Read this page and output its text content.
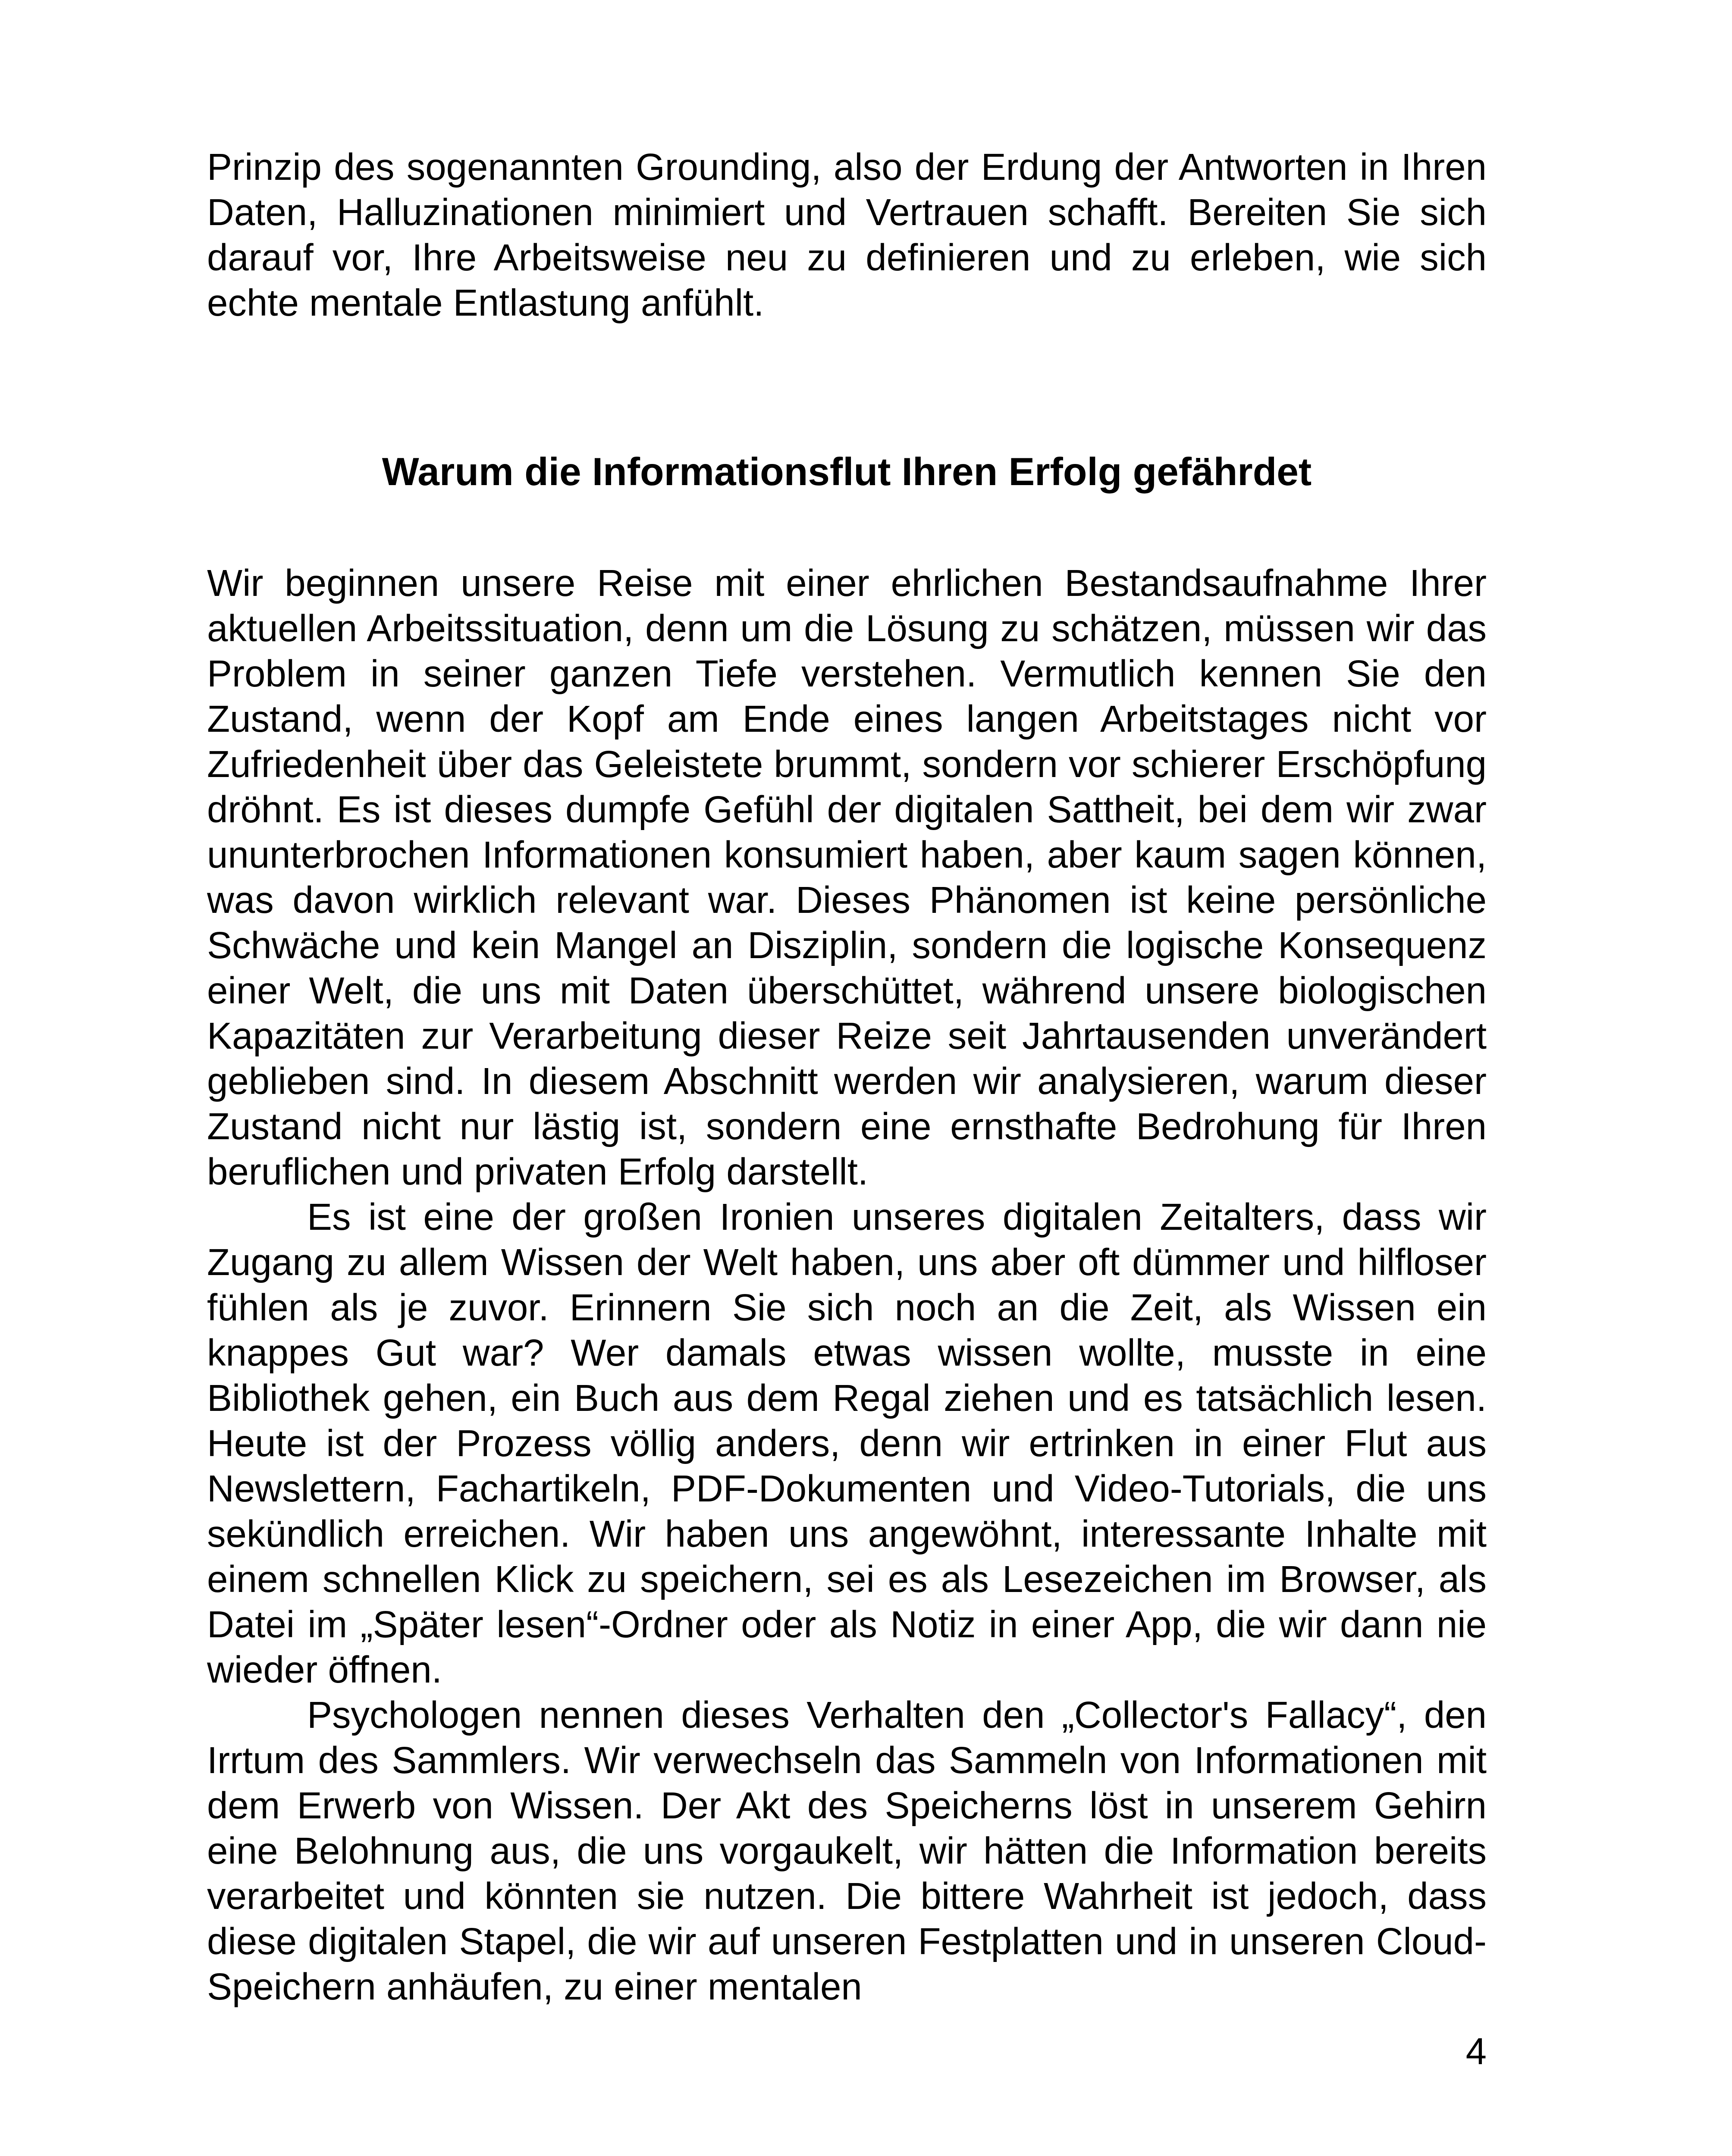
Prinzip des sogenannten Grounding, also der Erdung der Antworten in Ihren Daten, Halluzinationen minimiert und Vertrauen schafft. Bereiten Sie sich darauf vor, Ihre Arbeitsweise neu zu definieren und zu erleben, wie sich echte mentale Entlastung anfühlt.

Warum die Informationsflut Ihren Erfolg gefährdet

Wir beginnen unsere Reise mit einer ehrlichen Bestandsaufnahme Ihrer aktuellen Arbeitssituation, denn um die Lösung zu schätzen, müssen wir das Problem in seiner ganzen Tiefe verstehen. Vermutlich kennen Sie den Zustand, wenn der Kopf am Ende eines langen Arbeitstages nicht vor Zufriedenheit über das Geleistete brummt, sondern vor schierer Erschöpfung dröhnt. Es ist dieses dumpfe Gefühl der digitalen Sattheit, bei dem wir zwar ununterbrochen Informationen konsumiert haben, aber kaum sagen können, was davon wirklich relevant war. Dieses Phänomen ist keine persönliche Schwäche und kein Mangel an Disziplin, sondern die logische Konsequenz einer Welt, die uns mit Daten überschüttet, während unsere biologischen Kapazitäten zur Verarbeitung dieser Reize seit Jahrtausenden unverändert geblieben sind. In diesem Abschnitt werden wir analysieren, warum dieser Zustand nicht nur lästig ist, sondern eine ernsthafte Bedrohung für Ihren beruflichen und privaten Erfolg darstellt.

Es ist eine der großen Ironien unseres digitalen Zeitalters, dass wir Zugang zu allem Wissen der Welt haben, uns aber oft dümmer und hilfloser fühlen als je zuvor. Erinnern Sie sich noch an die Zeit, als Wissen ein knappes Gut war? Wer damals etwas wissen wollte, musste in eine Bibliothek gehen, ein Buch aus dem Regal ziehen und es tatsächlich lesen. Heute ist der Prozess völlig anders, denn wir ertrinken in einer Flut aus Newslettern, Fachartikeln, PDF-Dokumenten und Video-Tutorials, die uns sekündlich erreichen. Wir haben uns angewöhnt, interessante Inhalte mit einem schnellen Klick zu speichern, sei es als Lesezeichen im Browser, als Datei im „Später lesen“-Ordner oder als Notiz in einer App, die wir dann nie wieder öffnen.

Psychologen nennen dieses Verhalten den „Collector's Fallacy“, den Irrtum des Sammlers. Wir verwechseln das Sammeln von Informationen mit dem Erwerb von Wissen. Der Akt des Speicherns löst in unserem Gehirn eine Belohnung aus, die uns vorgaukelt, wir hätten die Information bereits verarbeitet und könnten sie nutzen. Die bittere Wahrheit ist jedoch, dass diese digitalen Stapel, die wir auf unseren Festplatten und in unseren Cloud-Speichern anhäufen, zu einer mentalen

4
